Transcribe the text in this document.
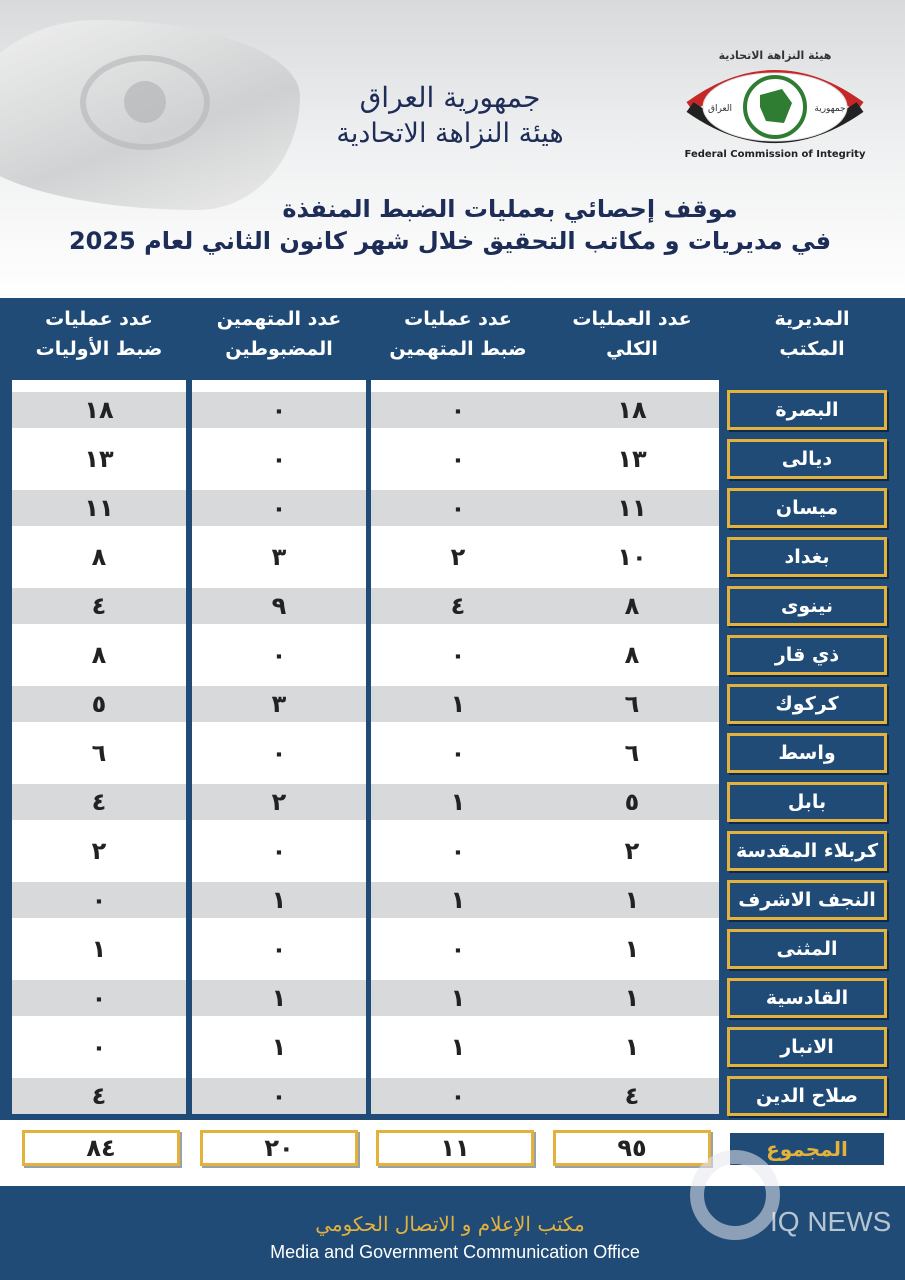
هيئة النزاهة الاتحادية
العراق	جمهورية
Federal Commission of Integrity
جمهورية العراق
هيئة النزاهة الاتحادية
موقف إحصائي بعمليات الضبط المنفذة
في مديريات و مكاتب التحقيق خلال شهر كانون الثاني لعام 2025
المديرية
المكتب
عدد العمليات
الكلي
عدد عمليات
ضبط المتهمين
عدد المتهمين
المضبوطين
عدد عمليات
ضبط الأوليات
البصرة
١٨
٠
٠
١٨
ديالى
١٣
٠
٠
١٣
ميسان
١١
٠
٠
١١
بغداد
١٠
٢
٣
٨
نينوى
٨
٤
٩
٤
ذي قار
٨
٠
٠
٨
كركوك
٦
١
٣
٥
واسط
٦
٠
٠
٦
بابل
٥
١
٢
٤
كربلاء المقدسة
٢
٠
٠
٢
النجف الاشرف
١
١
١
٠
المثنى
١
٠
٠
١
القادسية
١
١
١
٠
الانبار
١
١
١
٠
صلاح الدين
٤
٠
٠
٤
المجموع
٩٥
١١
٢٠
٨٤
مكتب الإعلام و الاتصال الحكومي
Media and Government Communication Office
IQ NEWS
